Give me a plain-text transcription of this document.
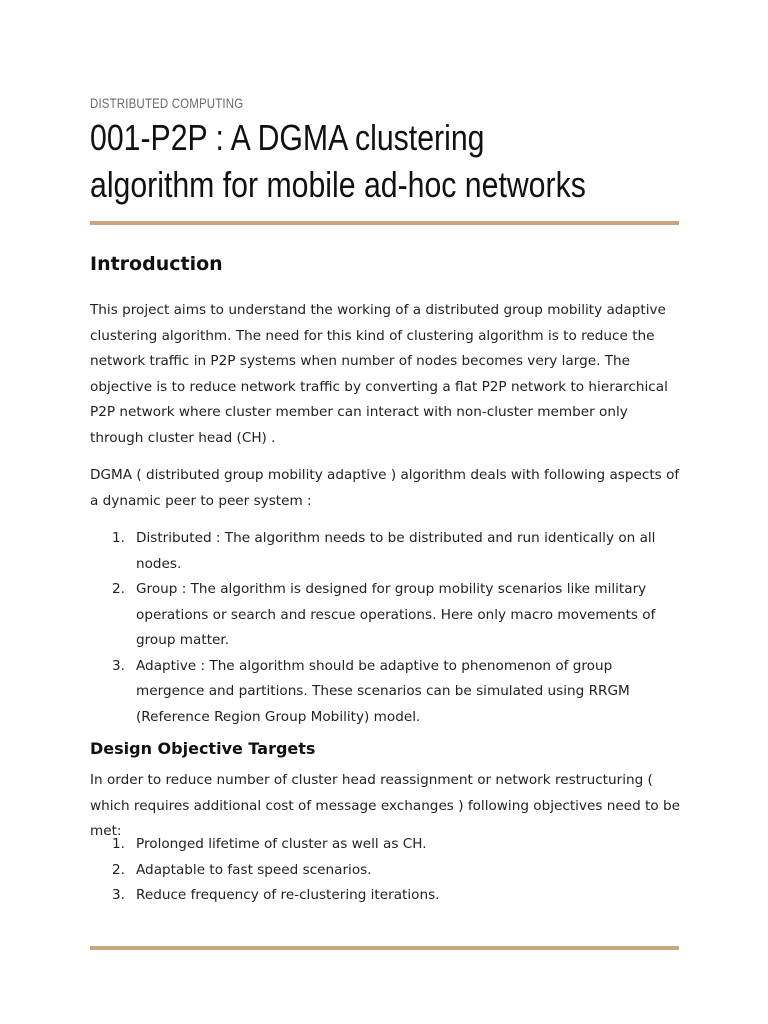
DISTRIBUTED COMPUTING
001-P2P : A DGMA clustering algorithm for mobile ad-hoc networks
Introduction

This project aims to understand the working of a distributed group mobility adaptive clustering algorithm. The need for this kind of clustering algorithm is to reduce the network traffic in P2P systems when number of nodes becomes very large. The objective is to reduce network traffic by converting a flat P2P network to hierarchical P2P network where cluster member can interact with non-cluster member only through cluster head (CH) .

DGMA ( distributed group mobility adaptive ) algorithm deals with following aspects of a dynamic peer to peer system :

1. Distributed : The algorithm needs to be distributed and run identically on all nodes.
2. Group : The algorithm is designed for group mobility scenarios like military operations or search and rescue operations. Here only macro movements of group matter.
3. Adaptive : The algorithm should be adaptive to phenomenon of group mergence and partitions. These scenarios can be simulated using RRGM (Reference Region Group Mobility) model.
Design Objective Targets

In order to reduce number of cluster head reassignment or network restructuring ( which requires additional cost of message exchanges ) following objectives need to be met:

1. Prolonged lifetime of cluster as well as CH.
2. Adaptable to fast speed scenarios.
3. Reduce frequency of re-clustering iterations.
